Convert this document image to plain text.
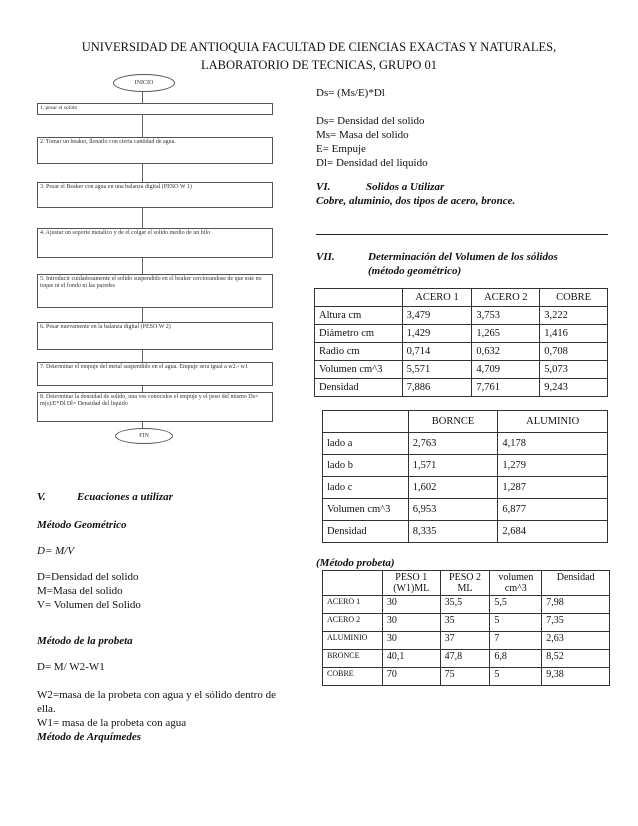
UNIVERSIDAD DE ANTIOQUIA FACULTAD DE CIENCIAS EXACTAS Y NATURALES,
LABORATORIO DE TECNICAS, GRUPO 01
INICIO
1. pesar el solido
2. Tomar un beaker, llenarlo con cierta cantidad de agua.
3. Pesar el Beaker con agua en una balanza digital (PESO W 1)
4. Ajustar un soporte metalico y de el colgar el solido medio de un hilo
5. Introducir cuidadosamente el solido suspendido en el beaker cerciorandose de que este no toque ni el fondo ni las paredes
6. Pesar nuevamente en la balanza digital (PESO W 2)
7. Determinar el empuje del metal suspendido en el agua. Empuje sera igual a w2.- w1
8. Determinar la densidad de solido, una ves conocidos el empuje y el peso del mismo Ds= m(s)/E*Dl Dl= Densidad del liquido
FIN
Ds= (Ms/E)*Dl
Ds= Densidad del solido
Ms= Masa del solido
E= Empuje
Dl= Densidad del liquido
VI.	Solidos a Utilizar
Cobre, aluminio, dos tipos de acero, bronce.
VII.	Determinación del Volumen de los sólidos
(método geométrico)
	ACERO 1	ACERO 2	COBRE
Altura cm	3,479	3,753	3,222
Diámetro cm	1,429	1,265	1,416
Radio cm	0,714	0,632	0,708
Volumen cm^3	5,571	4,709	5,073
Densidad	7,886	7,761	9,243
	BORNCE	ALUMINIO
lado a	2,763	4,178
lado b	1,571	1,279
lado c	1,602	1,287
Volumen cm^3	6,953	6,877
Densidad	8,335	2,684
(Método probeta)
	PESO 1 (W1)ML	PESO 2 ML	volumen cm^3	Densidad
ACERO 1	30	35,5	5,5	7,98
ACERO 2	30	35	5	7,35
ALUMINIO	30	37	7	2,63
BRONCE	40,1	47,8	6,8	8,52
COBRE	70	75	5	9,38
V.	Ecuaciones a utilizar
Método Geométrico
D= M/V
D=Densidad del solido
M=Masa del solido
V= Volumen del Solido
Método de la probeta
D= M/ W2-W1
W2=masa de la probeta con agua y el sólido dentro de
ella.
W1= masa de la probeta con agua
Método de Arquímedes
